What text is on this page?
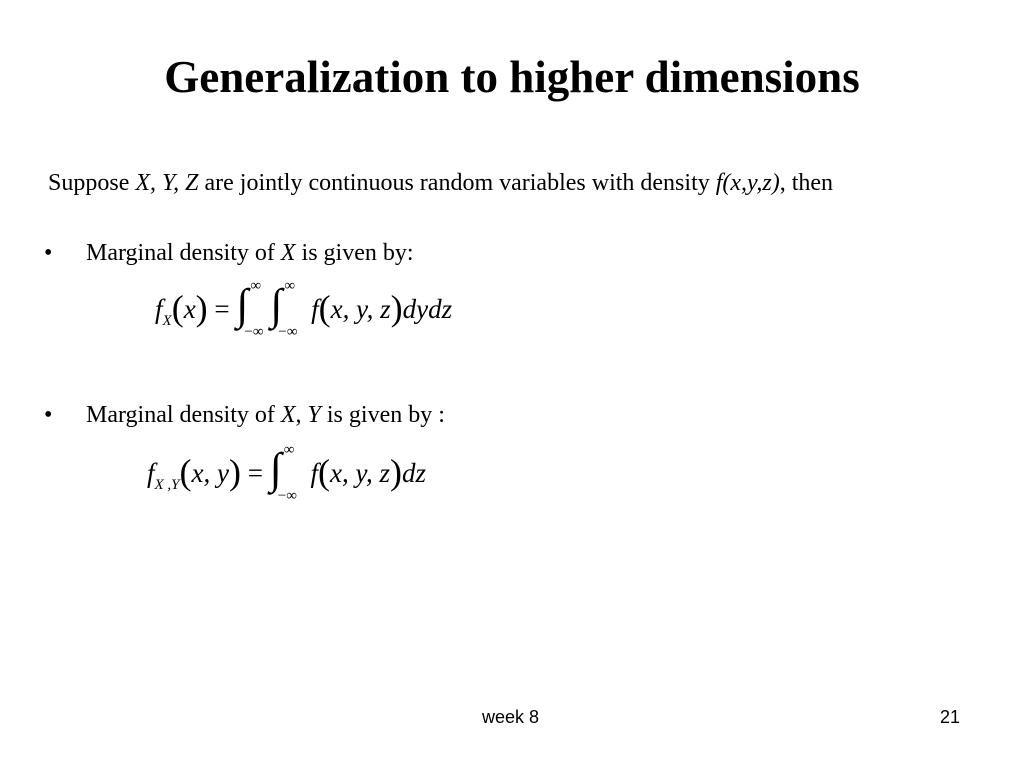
Generalization to higher dimensions
Suppose X, Y, Z are jointly continuous random variables with density f(x,y,z), then
• Marginal density of X is given by:
$f_X(x)$ = ∫ ∞
−∞
∫ ∞
−∞
f(x, y, z)dydz
• Marginal density of X, Y is given by :
$f_{X ,Y}(x$, y) = ∫ ∞
−∞
f(x, y, z)dz
week 8	21
